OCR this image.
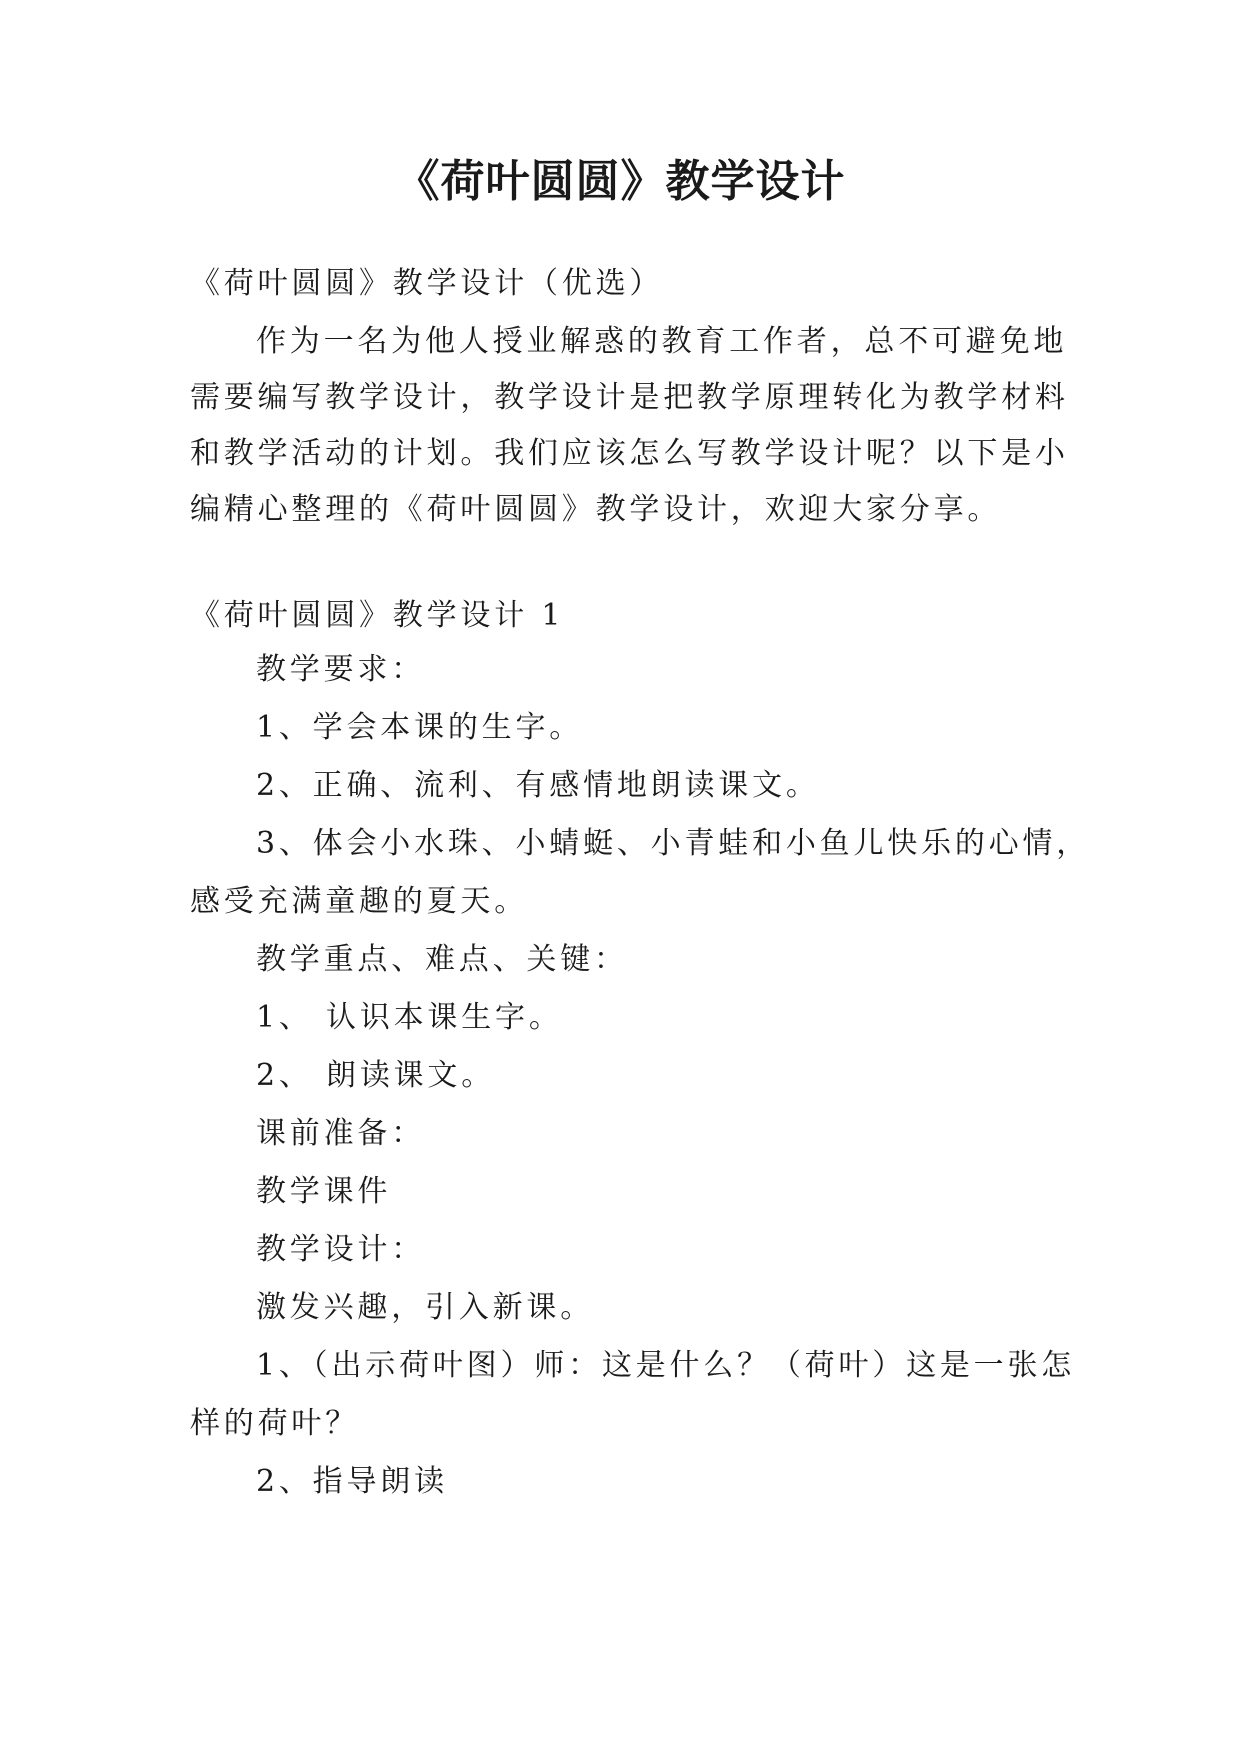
《荷叶圆圆》教学设计

《荷叶圆圆》教学设计（优选）

作为一名为他人授业解惑的教育工作者，总不可避免地

需要编写教学设计，教学设计是把教学原理转化为教学材料

和教学活动的计划。我们应该怎么写教学设计呢？以下是小

编精心整理的《荷叶圆圆》教学设计，欢迎大家分享。

《荷叶圆圆》教学设计 1

教学要求：

1、学会本课的生字。

2、正确、流利、有感情地朗读课文。

3、体会小水珠、小蜻蜓、小青蛙和小鱼儿快乐的心情，

感受充满童趣的夏天。

教学重点、难点、关键：

1、 认识本课生字。

2、 朗读课文。

课前准备：

教学课件

教学设计：

激发兴趣，引入新课。

1、（出示荷叶图）师：这是什么？（荷叶）这是一张怎

样的荷叶？

2、指导朗读
